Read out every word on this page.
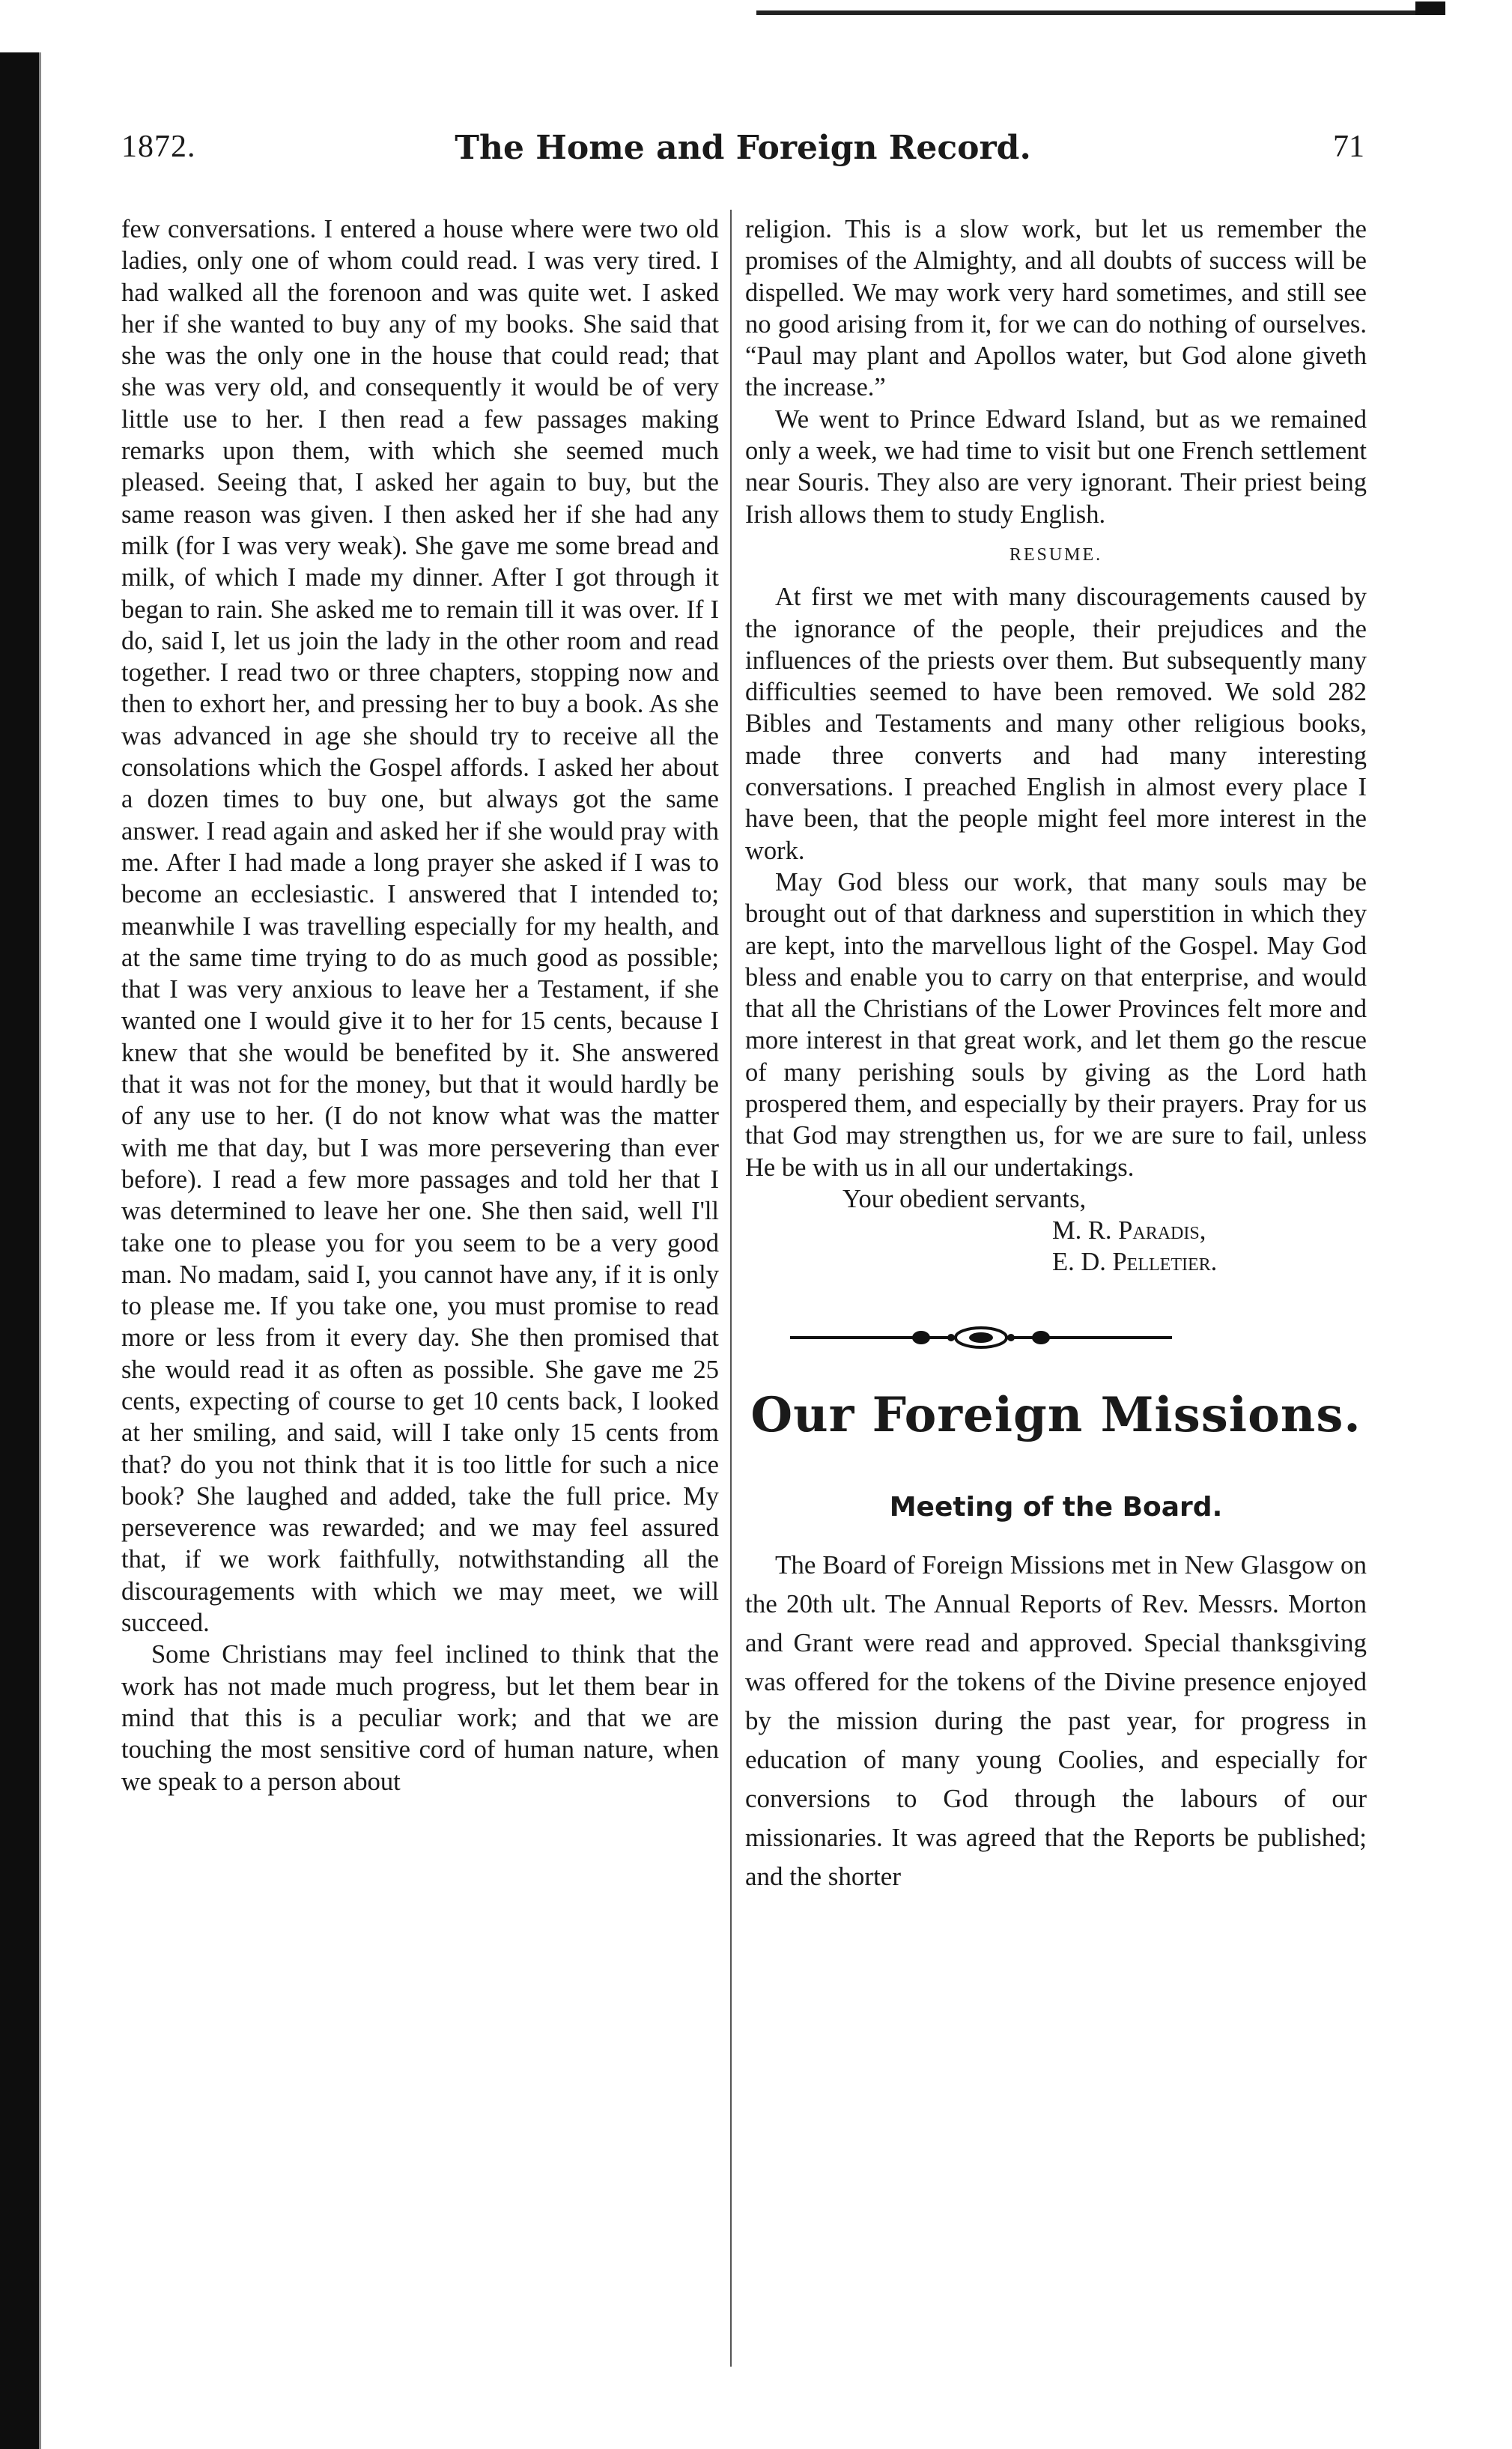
1872.	The Home and Foreign Record.	71

few conversations. I entered a house where were two old ladies, only one of whom could read. I was very tired. I had walked all the forenoon and was quite wet. I asked her if she wanted to buy any of my books. She said that she was the only one in the house that could read; that she was very old, and consequently it would be of very little use to her. I then read a few passages making remarks upon them, with which she seemed much pleased. Seeing that, I asked her again to buy, but the same reason was given. I then asked her if she had any milk (for I was very weak). She gave me some bread and milk, of which I made my dinner. After I got through it began to rain. She asked me to remain till it was over. If I do, said I, let us join the lady in the other room and read together. I read two or three chapters, stopping now and then to exhort her, and pressing her to buy a book. As she was advanced in age she should try to receive all the consolations which the Gospel affords. I asked her about a dozen times to buy one, but always got the same answer. I read again and asked her if she would pray with me. After I had made a long prayer she asked if I was to become an ecclesiastic. I answered that I intended to; meanwhile I was travelling especially for my health, and at the same time trying to do as much good as possible; that I was very anxious to leave her a Testament, if she wanted one I would give it to her for 15 cents, because I knew that she would be benefited by it. She answered that it was not for the money, but that it would hardly be of any use to her. (I do not know what was the matter with me that day, but I was more persevering than ever before). I read a few more passages and told her that I was determined to leave her one. She then said, well I'll take one to please you for you seem to be a very good man. No madam, said I, you cannot have any, if it is only to please me. If you take one, you must promise to read more or less from it every day. She then promised that she would read it as often as possible. She gave me 25 cents, expecting of course to get 10 cents back, I looked at her smiling, and said, will I take only 15 cents from that? do you not think that it is too little for such a nice book? She laughed and added, take the full price. My perseverence was rewarded; and we may feel assured that, if we work faithfully, notwithstanding all the discouragements with which we may meet, we will succeed.

Some Christians may feel inclined to think that the work has not made much progress, but let them bear in mind that this is a peculiar work; and that we are touching the most sensitive cord of human nature, when we speak to a person about

religion. This is a slow work, but let us remember the promises of the Almighty, and all doubts of success will be dispelled. We may work very hard sometimes, and still see no good arising from it, for we can do nothing of ourselves. “Paul may plant and Apollos water, but God alone giveth the increase.”

We went to Prince Edward Island, but as we remained only a week, we had time to visit but one French settlement near Souris. They also are very ignorant. Their priest being Irish allows them to study English.

RESUME.

At first we met with many discouragements caused by the ignorance of the people, their prejudices and the influences of the priests over them. But subsequently many difficulties seemed to have been removed. We sold 282 Bibles and Testaments and many other religious books, made three converts and had many interesting conversations. I preached English in almost every place I have been, that the people might feel more interest in the work.

May God bless our work, that many souls may be brought out of that darkness and superstition in which they are kept, into the marvellous light of the Gospel. May God bless and enable you to carry on that enterprise, and would that all the Christians of the Lower Provinces felt more and more interest in that great work, and let them go the rescue of many perishing souls by giving as the Lord hath prospered them, and especially by their prayers. Pray for us that God may strengthen us, for we are sure to fail, unless He be with us in all our undertakings.

Your obedient servants,
M. R. Paradis,
E. D. Pelletier.
Our Foreign Missions.
Meeting of the Board.

The Board of Foreign Missions met in New Glasgow on the 20th ult. The Annual Reports of Rev. Messrs. Morton and Grant were read and approved. Special thanksgiving was offered for the tokens of the Divine presence enjoyed by the mission during the past year, for progress in education of many young Coolies, and especially for conversions to God through the labours of our missionaries. It was agreed that the Reports be published; and the shorter
